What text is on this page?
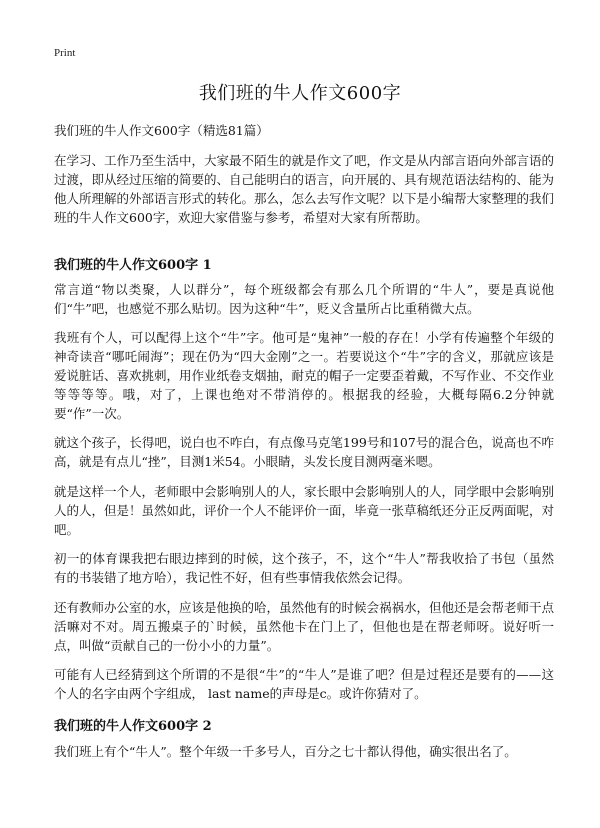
Print
我们班的牛人作文600字
我们班的牛人作文600字（精选81篇）

在学习、工作乃至生活中，大家最不陌生的就是作文了吧，作文是从内部言语向外部言语的过渡，即从经过压缩的简要的、自己能明白的语言，向开展的、具有规范语法结构的、能为他人所理解的外部语言形式的转化。那么，怎么去写作文呢？以下是小编帮大家整理的我们班的牛人作文600字，欢迎大家借鉴与参考，希望对大家有所帮助。

我们班的牛人作文600字 1

常言道“物以类聚，人以群分”，每个班级都会有那么几个所谓的“牛人”，要是真说他们“牛”吧，也感觉不那么贴切。因为这种“牛”，贬义含量所占比重稍微大点。

我班有个人，可以配得上这个“牛”字。他可是“鬼神”一般的存在！小学有传遍整个年级的神奇读音“哪吒闹海”；现在仍为“四大金刚”之一。若要说这个“牛”字的含义，那就应该是爱说脏话、喜欢挑刺，用作业纸卷支烟抽，耐克的帽子一定要歪着戴，不写作业、不交作业等等等等。哦，对了，上课也绝对不带消停的。根据我的经验，大概每隔6.2分钟就要“作”一次。

就这个孩子，长得吧，说白也不咋白，有点像马克笔199号和107号的混合色，说高也不咋高，就是有点儿“挫”，目测1米54。小眼睛，头发长度目测两毫米嗯。

就是这样一个人，老师眼中会影响别人的人，家长眼中会影响别人的人，同学眼中会影响别人的人，但是！虽然如此，评价一个人不能评价一面，毕竟一张草稿纸还分正反两面呢，对吧。

初一的体育课我把右眼边摔到的时候，这个孩子，不，这个“牛人”帮我收拾了书包（虽然有的书装错了地方哈），我记性不好，但有些事情我依然会记得。

还有教师办公室的水，应该是他换的哈，虽然他有的时候会祸祸水，但他还是会帮老师干点活嘛对不对。周五搬桌子的`时候，虽然他卡在门上了，但他也是在帮老师呀。说好听一点，叫做“贡献自己的一份小小的力量”。

可能有人已经猜到这个所谓的不是很“牛”的“牛人”是谁了吧？但是过程还是要有的——这个人的名字由两个字组成， last name的声母是c。或许你猜对了。

我们班的牛人作文600字 2

我们班上有个“牛人”。整个年级一千多号人，百分之七十都认得他，确实很出名了。
